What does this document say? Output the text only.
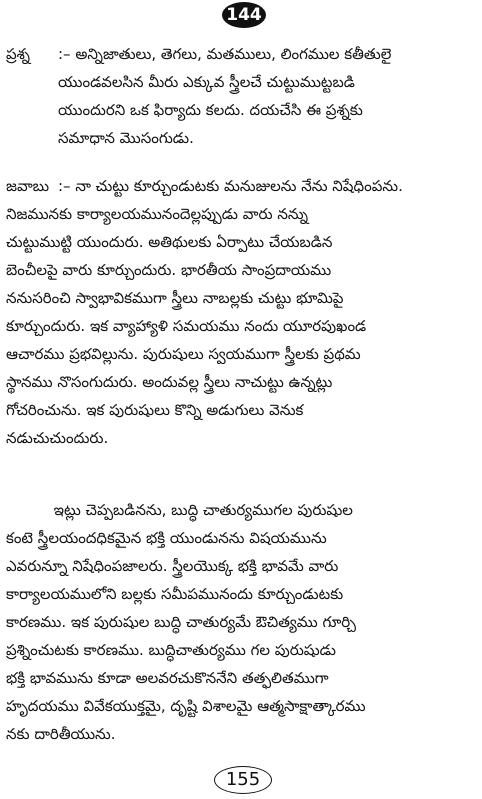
144
ప్రశ్న :– అన్నిజాతులు, తెగలు, మతములు, లింగముల కతీతులై
యుండవలసిన మీరు ఎక్కువ స్త్రీలచే చుట్టుముట్టబడి
యుందురని ఒక ఫిర్యాదు కలదు. దయచేసి ఈ ప్రశ్నకు
సమాధాన మొసంగుడు.
జవాబు :– నా చుట్టు కూర్చుండుటకు మనుజులను నేను నిషేధింపను.
నిజమునకు కార్యాలయమునందెల్లప్పుడు వారు నన్ను
చుట్టుముట్టి యుందురు. అతిథులకు ఏర్పాటు చేయబడిన
బెంచీలపై వారు కూర్చుందురు. భారతీయ సాంప్రదాయము
ననుసరించి స్వాభావికముగా స్త్రీలు నాబల్లకు చుట్టు భూమిపై
కూర్చుందురు. ఇక వ్యాహ్యాళి సమయము నందు యూరపుఖండ
ఆచారము ప్రభవిల్లును. పురుషులు స్వయముగా స్త్రీలకు ప్రథమ
స్థానము నొసంగుదురు. అందువల్ల స్త్రీలు నాచుట్టు ఉన్నట్లు
గోచరించును. ఇక పురుషులు కొన్ని అడుగులు వెనుక
నడుచుచుందురు.
ఇట్లు చెప్పబడినను, బుద్ధి చాతుర్యముగల పురుషుల
కంటె స్త్రీలయందధికమైన భక్తి యుండునను విషయమును
ఎవరున్నూ నిషేధింపజాలరు. స్త్రీలయొక్క భక్తి భావమే వారు
కార్యాలయములోని బల్లకు సమీపమునందు కూర్చుండుటకు
కారణము. ఇక పురుషుల బుద్ధి చాతుర్యమే ఔచిత్యము గూర్చి
ప్రశ్నించుటకు కారణము. బుద్ధిచాతుర్యము గల పురుషుడు
భక్తి భావమును కూడా అలవరచుకొననేని తత్ఫలితముగా
హృదయము వివేకయుక్తమై, దృష్టి విశాలమై ఆత్మసాక్షాత్కారము
నకు దారితీయును.
155
